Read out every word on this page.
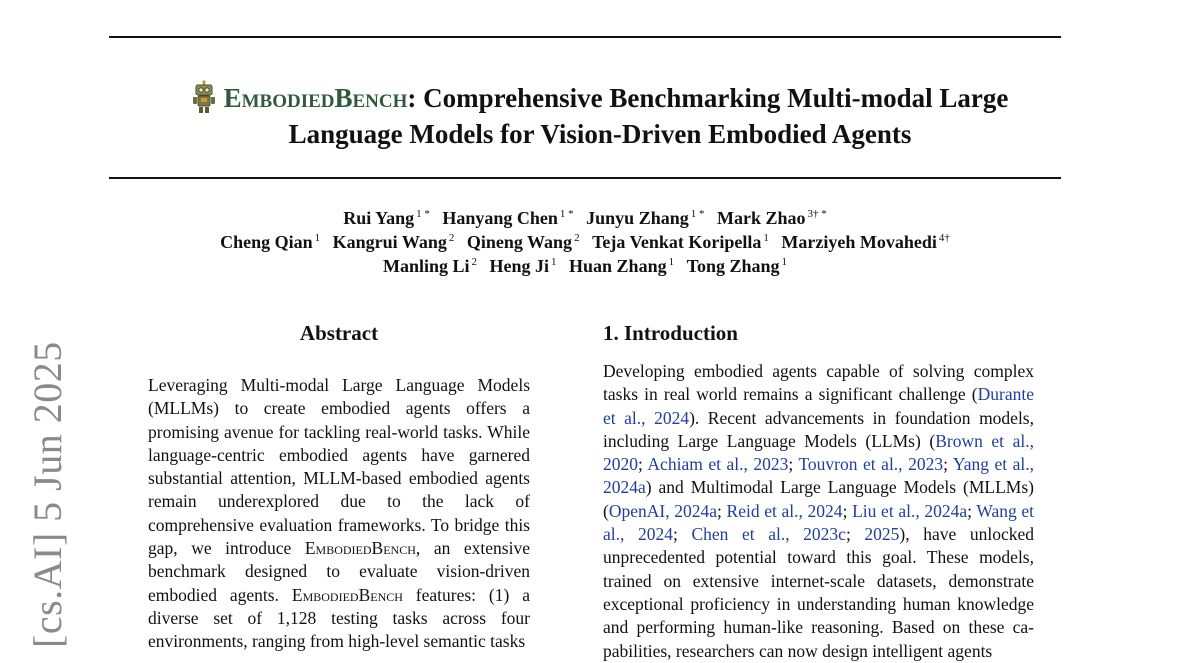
EmbodiedBench: Comprehensive Benchmarking Multi-modal Large Language Models for Vision-Driven Embodied Agents
Rui Yang $^{1 *}$ Hanyang Chen $^{1 *}$ Junyu Zhang $^{1 *}$ Mark Zhao $^{3\dagger *}$
Cheng Qian $^1$ Kangrui Wang $^2$ Qineng Wang $^2$ Teja Venkat Koripella $^1$ Marziyeh Movahedi $^{4\dagger}$
Manling Li $^2$ Heng Ji $^1$ Huan Zhang $^1$ Tong Zhang $^1$
[cs.AI] 5 Jun 2025
Abstract
Leveraging Multi-modal Large Language Models (MLLMs) to create embodied agents offers a promising avenue for tackling real-world tasks. While language-centric embodied agents have garnered substantial attention, MLLM-based embodied agents remain underexplored due to the lack of comprehensive evaluation frameworks. To bridge this gap, we introduce EmbodiedBench, an extensive benchmark designed to evaluate vision-driven embodied agents. EmbodiedBench features: (1) a diverse set of 1,128 testing tasks across four environments, ranging from high-level semantic tasks
1. Introduction
Developing embodied agents capable of solving complex tasks in real world remains a significant challenge (Durante et al., 2024). Recent advancements in foundation models, including Large Language Models (LLMs) (Brown et al., 2020; Achiam et al., 2023; Touvron et al., 2023; Yang et al., 2024a) and Multimodal Large Language Models (MLLMs) (OpenAI, 2024a; Reid et al., 2024; Liu et al., 2024a; Wang et al., 2024; Chen et al., 2023c; 2025), have unlocked unprecedented potential toward this goal. These models, trained on extensive internet-scale datasets, demonstrate exceptional proficiency in understanding human knowledge and performing human-like reasoning. Based on these capabilities, researchers can now design intelligent agents
